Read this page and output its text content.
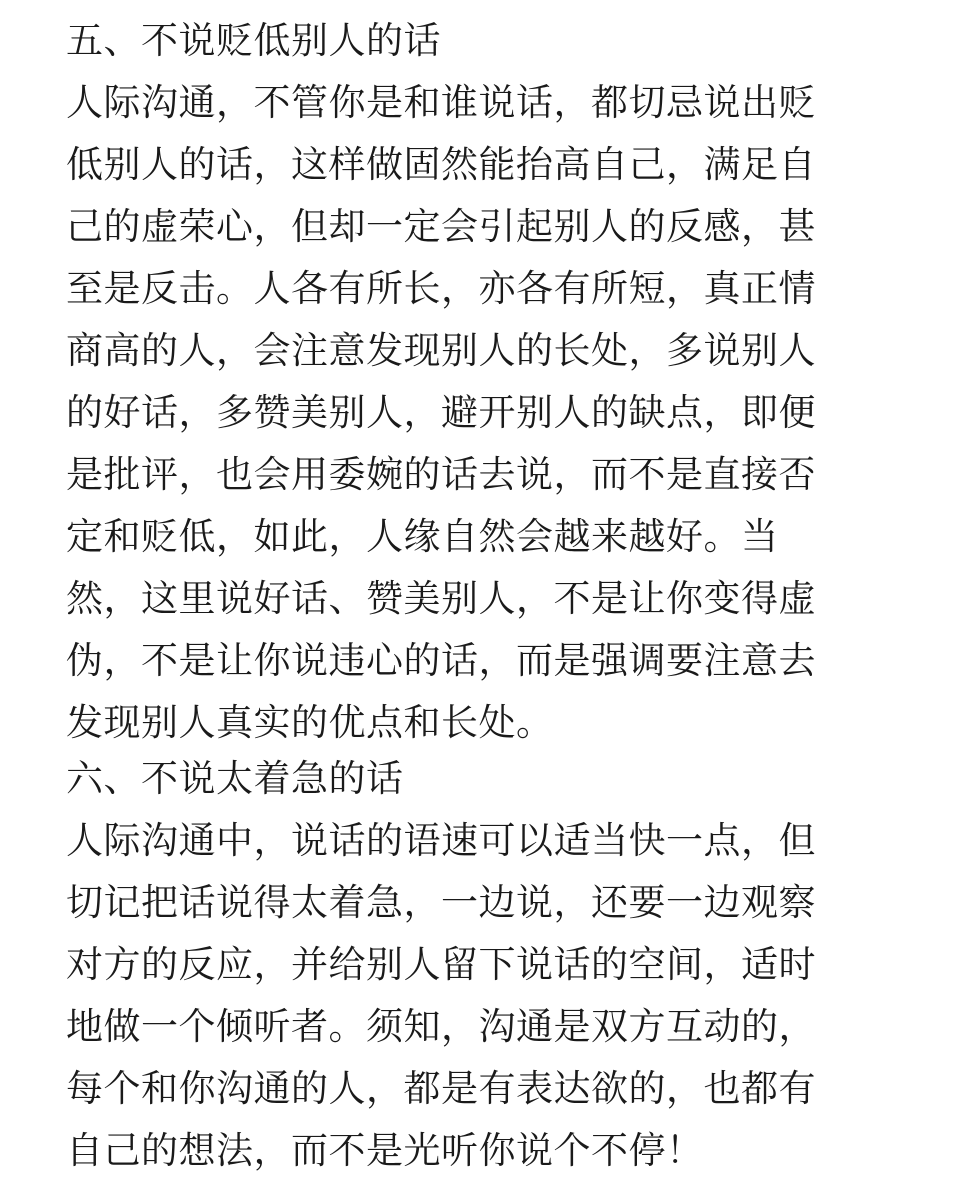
五、不说贬低别人的话
人际沟通，不管你是和谁说话，都切忌说出贬
低别人的话，这样做固然能抬高自己，满足自
己的虚荣心，但却一定会引起别人的反感，甚
至是反击。人各有所长，亦各有所短，真正情
商高的人，会注意发现别人的长处，多说别人
的好话，多赞美别人，避开别人的缺点，即便
是批评，也会用委婉的话去说，而不是直接否
定和贬低，如此，人缘自然会越来越好。当
然，这里说好话、赞美别人，不是让你变得虚
伪，不是让你说违心的话，而是强调要注意去
发现别人真实的优点和长处。
六、不说太着急的话
人际沟通中，说话的语速可以适当快一点，但
切记把话说得太着急，一边说，还要一边观察
对方的反应，并给别人留下说话的空间，适时
地做一个倾听者。须知，沟通是双方互动的，
每个和你沟通的人，都是有表达欲的，也都有
自己的想法，而不是光听你说个不停！
